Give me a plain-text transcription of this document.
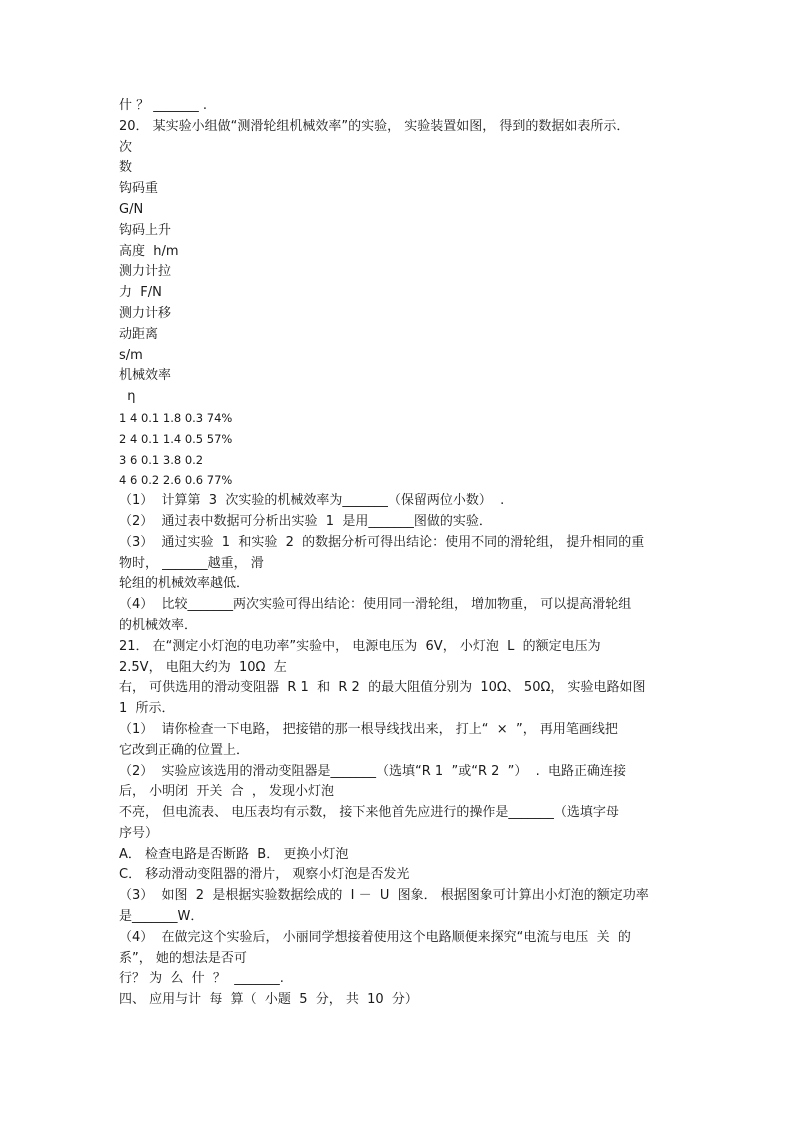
什 ？ _______ .
20． 某实验小组做“测滑轮组机械效率”的实验， 实验装置如图， 得到的数据如表所示．
次
数
钩码重
G/N
钩码上升
高度  h/m
测力计拉
力  F/N
测力计移
动距离
s/m
机械效率
η
1 4 0.1 1.8 0.3 74%
2 4 0.1 1.4 0.5 57%
3 6 0.1 3.8 0.2
4 6 0.2 2.6 0.6 77%
（1）  计算第  3  次实验的机械效率为_______（保留两位小数）  .
（2）  通过表中数据可分析出实验  1  是用_______图做的实验．
（3）  通过实验  1  和实验  2  的数据分析可得出结论：使用不同的滑轮组， 提升相同的重
物时， _______越重， 滑
轮组的机械效率越低．
（4）  比较_______两次实验可得出结论：使用同一滑轮组， 增加物重， 可以提高滑轮组
的机械效率．
21． 在“测定小灯泡的电功率”实验中， 电源电压为  6V， 小灯泡  L  的额定电压为
2.5V， 电阻大约为  10Ω  左
右， 可供选用的滑动变阻器  R 1  和  R 2  的最大阻值分别为  10Ω、 50Ω， 实验电路如图
1  所示．
（1）  请你检查一下电路， 把接错的那一根导线找出来， 打上“  ×  ”， 再用笔画线把
它改到正确的位置上．
（2）  实验应该选用的滑动变阻器是_______（选填“R 1  ”或“R 2  ”）  .  电路正确连接
后， 小明闭  开关  合  ， 发现小灯泡
不亮， 但电流表、 电压表均有示数， 接下来他首先应进行的操作是_______（选填字母
序号）
A． 检查电路是否断路  B． 更换小灯泡
C． 移动滑动变阻器的滑片， 观察小灯泡是否发光
（3）  如图  2  是根据实验数据绘成的  I －  U  图象． 根据图象可计算出小灯泡的额定功率
是_______W．
（4）  在做完这个实验后， 小丽同学想接着使用这个电路顺便来探究“电流与电压  关  的
系”， 她的想法是否可
行？ 为  么  什  ？  _______.
四、 应用与计  每  算（  小题  5  分， 共  10  分）
